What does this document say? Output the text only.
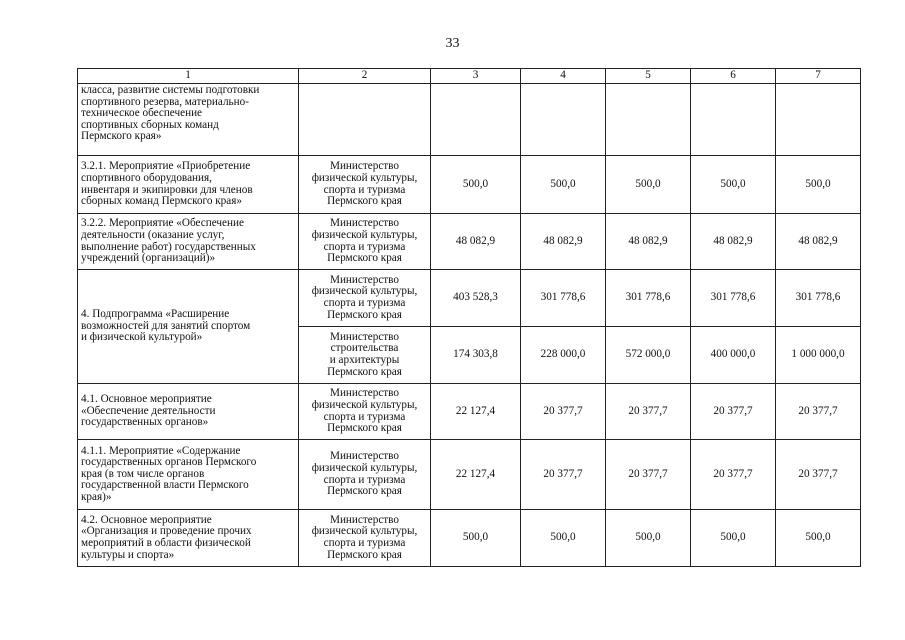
33
1	2	3	4	5	6	7
класса, развитие системы подготовки
спортивного резерва, материально-
техническое обеспечение
спортивных сборных команд
Пермского края»						
3.2.1. Мероприятие «Приобретение
спортивного оборудования,
инвентаря и экипировки для членов
сборных команд Пермского края»	Министерство
физической культуры,
спорта и туризма
Пермского края	500,0	500,0	500,0	500,0	500,0
3.2.2. Мероприятие «Обеспечение
деятельности (оказание услуг,
выполнение работ) государственных
учреждений (организаций)»	Министерство
физической культуры,
спорта и туризма
Пермского края	48 082,9	48 082,9	48 082,9	48 082,9	48 082,9
4. Подпрограмма «Расширение
возможностей для занятий спортом
и физической культурой»	Министерство
физической культуры,
спорта и туризма
Пермского края	403 528,3	301 778,6	301 778,6	301 778,6	301 778,6
	Министерство
строительства
и архитектуры
Пермского края	174 303,8	228 000,0	572 000,0	400 000,0	1 000 000,0
4.1. Основное мероприятие
«Обеспечение деятельности
государственных органов»	Министерство
физической культуры,
спорта и туризма
Пермского края	22 127,4	20 377,7	20 377,7	20 377,7	20 377,7
4.1.1. Мероприятие «Содержание
государственных органов Пермского
края (в том числе органов
государственной власти Пермского
края)»	Министерство
физической культуры,
спорта и туризма
Пермского края	22 127,4	20 377,7	20 377,7	20 377,7	20 377,7
4.2. Основное мероприятие
«Организация и проведение прочих
мероприятий в области физической
культуры и спорта»	Министерство
физической культуры,
спорта и туризма
Пермского края	500,0	500,0	500,0	500,0	500,0
